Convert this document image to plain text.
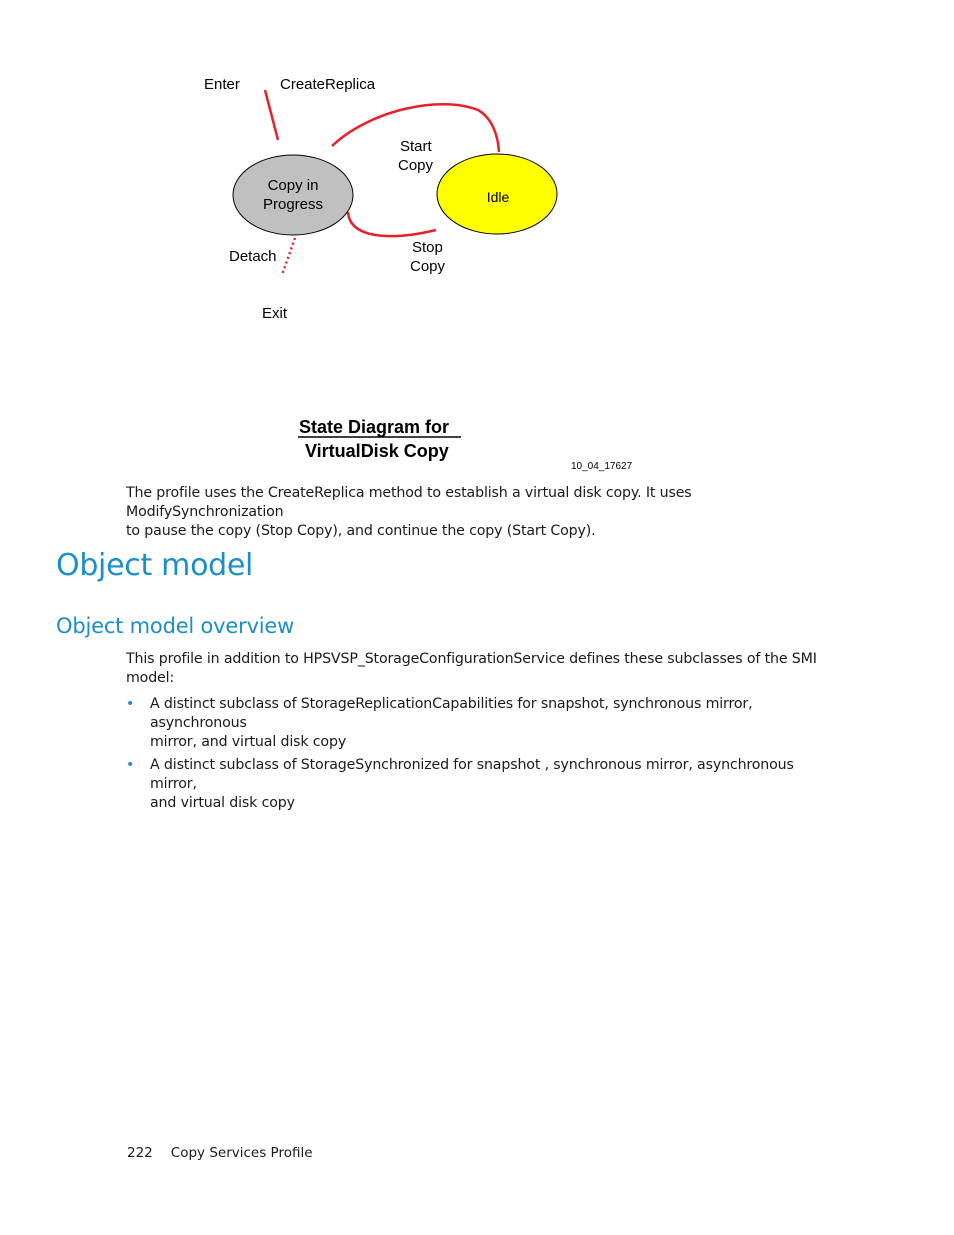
Enter	CreateReplica
Start
Copy
Copy in
Progress	Idle
Detach
Stop
Copy
Exit
State Diagram for
VirtualDisk Copy
10_04_17627

The profile uses the CreateReplica method to establish a virtual disk copy. It uses ModifySynchronization
to pause the copy (Stop Copy), and continue the copy (Start Copy).

Object model
Object model overview

This profile in addition to HPSVSP_StorageConfigurationService defines these subclasses of the SMI
model:

• A distinct subclass of StorageReplicationCapabilities for snapshot, synchronous mirror, asynchronous
mirror, and virtual disk copy
• A distinct subclass of StorageSynchronized for snapshot , synchronous mirror, asynchronous mirror,
and virtual disk copy
222 Copy Services Profile
